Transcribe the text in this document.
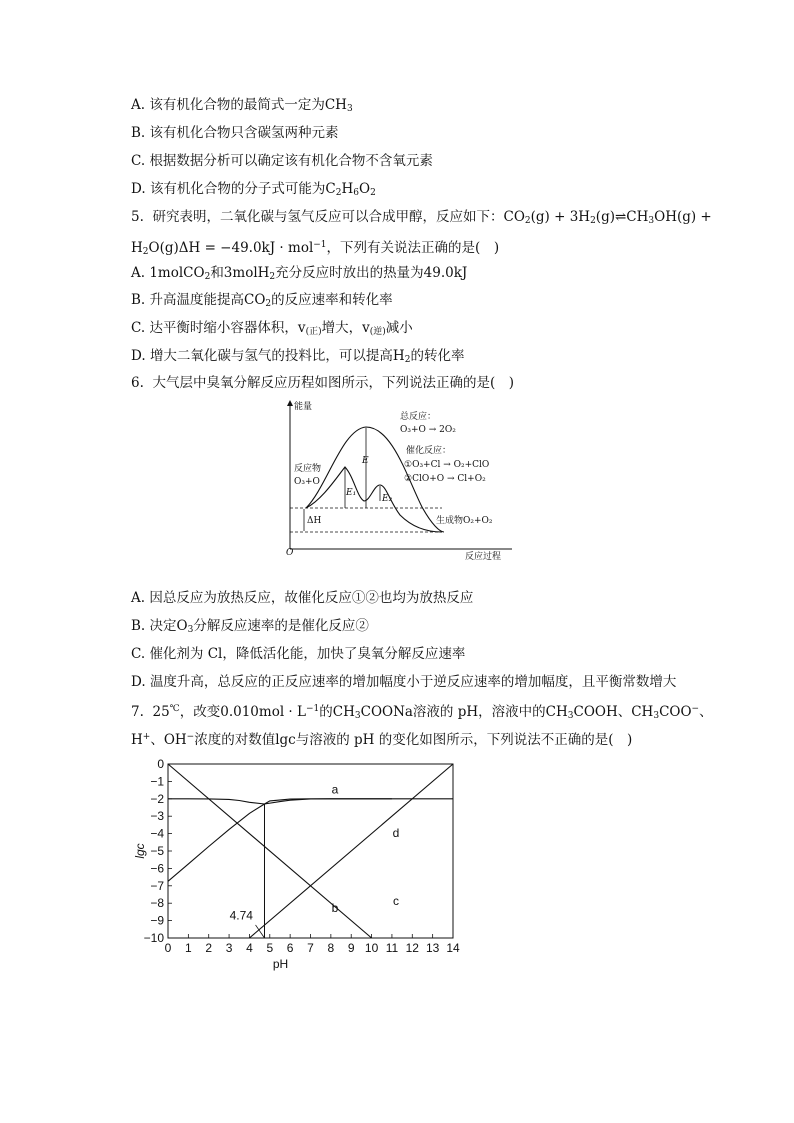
A. 该有机化合物的最简式一定为$CH_3$
B. 该有机化合物只含碳氢两种元素
C. 根据数据分析可以确定该有机化合物不含氧元素
D. 该有机化合物的分子式可能为$C_2H_6O_2$
5. 研究表明，二氧化碳与氢气反应可以合成甲醇，反应如下：$CO_2(g)$ + $3H_2(g)\rightleftharpoons CH_3OH(g)$ +
$H_2O(g)\Delta H = -49.0kJ \cdot mol^{-1}$，下列有关说法正确的是(　)
A. 1molCO$_2$和3molH$_2$充分反应时放出的热量为49.0kJ
B. 升高温度能提高$CO_2$的反应速率和转化率
C. 达平衡时缩小容器体积，$v_{(正)}$增大，$v_{(逆)}$减小
D. 增大二氧化碳与氢气的投料比，可以提高$H_2$的转化率
6. 大气层中臭氧分解反应历程如图所示，下列说法正确的是(　)
能量
O	反应过程
E
E₁
E₂
ΔH
反应物
O₃+O
生成物O₂+O₂
总反应：
O₃+O → 2O₂
催化反应：
①O₃+Cl → O₂+ClO
②ClO+O → Cl+O₂
A. 因总反应为放热反应，故催化反应①②也均为放热反应
B. 决定$O_3$分解反应速率的是催化反应②
C. 催化剂为 Cl，降低活化能，加快了臭氧分解反应速率
D. 温度升高，总反应的正反应速率的增加幅度小于逆反应速率的增加幅度，且平衡常数增大
7. 25℃，改变$0.010mol \cdot L^{-1}$的$CH_3COONa$溶液的 pH，溶液中的$CH_3COOH$、$CH_3COO^-$、
H+、OH−浓度的对数值lgc与溶液的 pH 的变化如图所示，下列说法不正确的是(　)
0 1 2 3 4 5 6 7 8 9 10 11 12 13 14
0
−1
−2
−3
−4
−5
−6
−7
−8
−9
−10
pH
lgc
a
b	c
d
4.74
